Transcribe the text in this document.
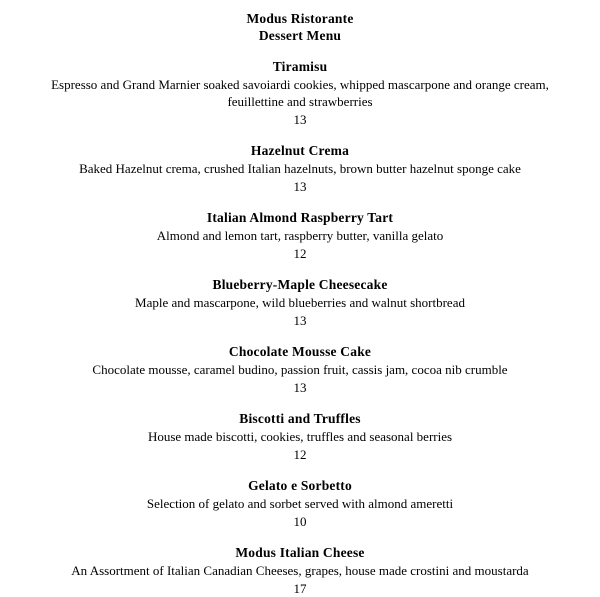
Modus Ristorante
Dessert Menu
Tiramisu
Espresso and Grand Marnier soaked savoiardi cookies, whipped mascarpone and orange cream, feuillettine and strawberries
13
Hazelnut Crema
Baked Hazelnut crema, crushed Italian hazelnuts, brown butter hazelnut sponge cake
13
Italian Almond Raspberry Tart
Almond and lemon tart, raspberry butter, vanilla gelato
12
Blueberry-Maple Cheesecake
Maple and mascarpone, wild blueberries and walnut shortbread
13
Chocolate Mousse Cake
Chocolate mousse, caramel budino, passion fruit, cassis jam, cocoa nib crumble
13
Biscotti and Truffles
House made biscotti, cookies, truffles and seasonal berries
12
Gelato e Sorbetto
Selection of gelato and sorbet served with almond ameretti
10
Modus Italian Cheese
An Assortment of Italian Canadian Cheeses, grapes, house made crostini and moustarda
17
